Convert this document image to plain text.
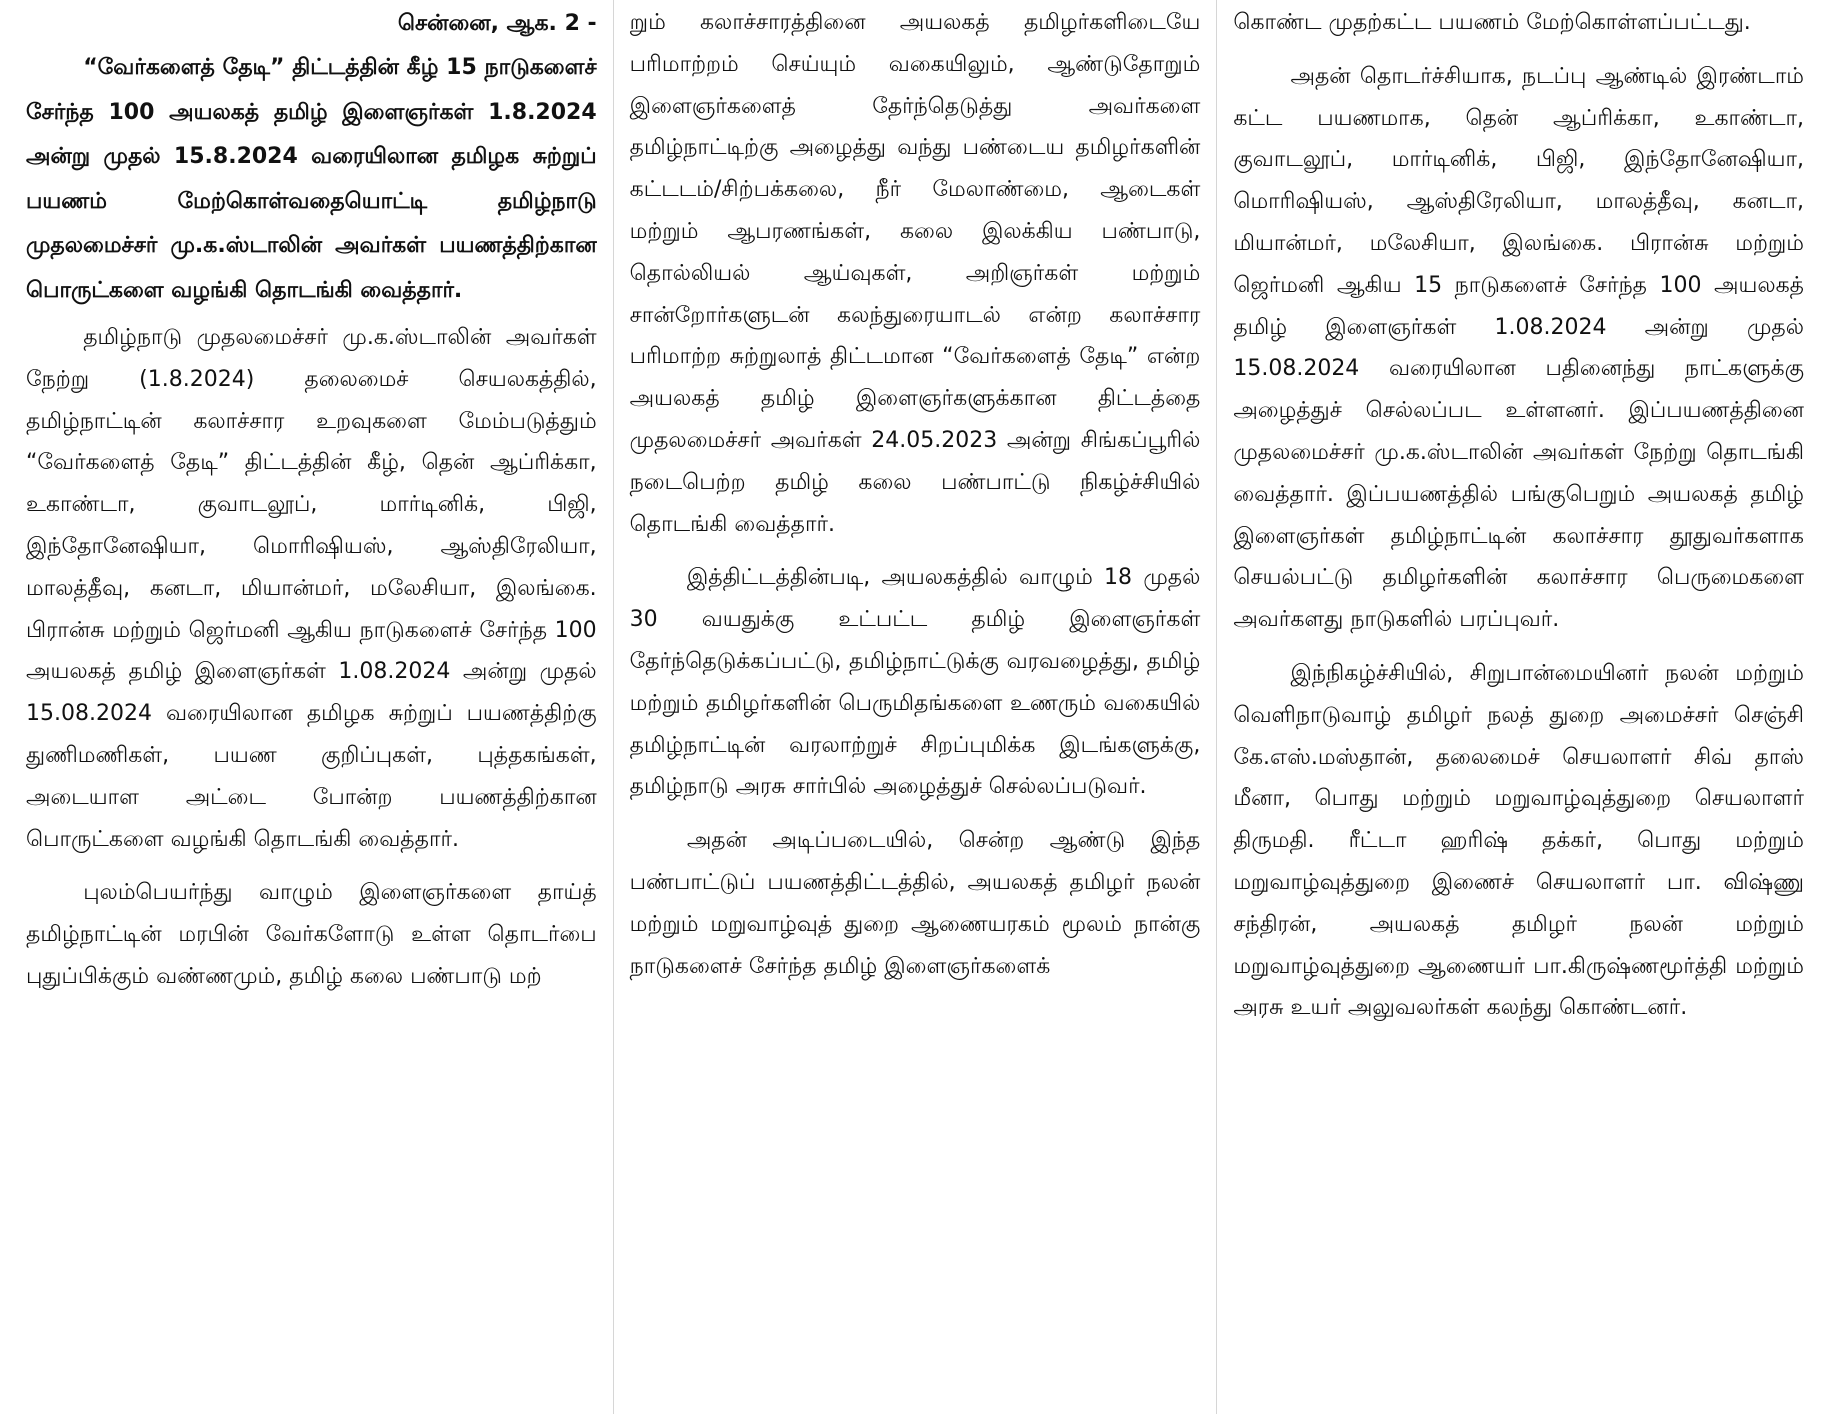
சென்னை, ஆக. 2 -

“வேர்களைத் தேடி” திட்டத்தின் கீழ் 15 நாடுகளைச் சேர்ந்த 100 அயலகத் தமிழ் இளைஞர்கள் 1.8.2024 அன்று முதல் 15.8.2024 வரையிலான தமிழக சுற்றுப் பயணம் மேற்கொள்வதையொட்டி தமிழ்நாடு முதலமைச்சர் மு.க.ஸ்டாலின் அவர்கள் பயணத்திற்கான பொருட்களை வழங்கி தொடங்கி வைத்தார்.

தமிழ்நாடு முதலமைச்சர் மு.க.ஸ்டாலின் அவர்கள் நேற்று (1.8.2024) தலைமைச் செயலகத்தில், தமிழ்நாட்டின் கலாச்சார உறவுகளை மேம்படுத்தும் “வேர்களைத் தேடி” திட்டத்தின் கீழ், தென் ஆப்ரிக்கா, உகாண்டா, குவாடலூப், மார்டினிக், பிஜி, இந்தோனேஷியா, மொரிஷியஸ், ஆஸ்திரேலியா, மாலத்தீவு, கனடா, மியான்மர், மலேசியா, இலங்கை. பிரான்சு மற்றும் ஜெர்மனி ஆகிய நாடுகளைச் சேர்ந்த 100 அயலகத் தமிழ் இளைஞர்கள் 1.08.2024 அன்று முதல் 15.08.2024 வரையிலான தமிழக சுற்றுப் பயணத்திற்கு துணிமணிகள், பயண குறிப்புகள், புத்தகங்கள், அடையாள அட்டை போன்ற பயணத்திற்கான பொருட்களை வழங்கி தொடங்கி வைத்தார்.

புலம்பெயர்ந்து வாழும் இளைஞர்களை தாய்த் தமிழ்நாட்டின் மரபின் வேர்களோடு உள்ள தொடர்பை புதுப்பிக்கும் வண்ணமும், தமிழ் கலை பண்பாடு மற்

றும் கலாச்சாரத்தினை அயலகத் தமிழர்களிடையே பரிமாற்றம் செய்யும் வகையிலும், ஆண்டுதோறும் இளைஞர்களைத் தேர்ந்தெடுத்து அவர்களை தமிழ்நாட்டிற்கு அழைத்து வந்து பண்டைய தமிழர்களின் கட்டடம்/சிற்பக்கலை, நீர் மேலாண்மை, ஆடைகள் மற்றும் ஆபரணங்கள், கலை இலக்கிய பண்பாடு, தொல்லியல் ஆய்வுகள், அறிஞர்கள் மற்றும் சான்றோர்களுடன் கலந்துரையாடல் என்ற கலாச்சார பரிமாற்ற சுற்றுலாத் திட்டமான “வேர்களைத் தேடி” என்ற அயலகத் தமிழ் இளைஞர்களுக்கான திட்டத்தை முதலமைச்சர் அவர்கள் 24.05.2023 அன்று சிங்கப்பூரில் நடைபெற்ற தமிழ் கலை பண்பாட்டு நிகழ்ச்சியில் தொடங்கி வைத்தார்.

இத்திட்டத்தின்படி, அயலகத்தில் வாழும் 18 முதல் 30 வயதுக்கு உட்பட்ட தமிழ் இளைஞர்கள் தேர்ந்தெடுக்கப்பட்டு, தமிழ்நாட்டுக்கு வரவழைத்து, தமிழ் மற்றும் தமிழர்களின் பெருமிதங்களை உணரும் வகையில் தமிழ்நாட்டின் வரலாற்றுச் சிறப்புமிக்க இடங்களுக்கு, தமிழ்நாடு அரசு சார்பில் அழைத்துச் செல்லப்படுவர்.

அதன் அடிப்படையில், சென்ற ஆண்டு இந்த பண்பாட்டுப் பயணத்திட்டத்தில், அயலகத் தமிழர் நலன் மற்றும் மறுவாழ்வுத் துறை ஆணையரகம் மூலம் நான்கு நாடுகளைச் சேர்ந்த தமிழ் இளைஞர்களைக்

கொண்ட முதற்கட்ட பயணம் மேற்கொள்ளப்பட்டது.

அதன் தொடர்ச்சியாக, நடப்பு ஆண்டில் இரண்டாம் கட்ட பயணமாக, தென் ஆப்ரிக்கா, உகாண்டா, குவாடலூப், மார்டினிக், பிஜி, இந்தோனேஷியா, மொரிஷியஸ், ஆஸ்திரேலியா, மாலத்தீவு, கனடா, மியான்மர், மலேசியா, இலங்கை. பிரான்சு மற்றும் ஜெர்மனி ஆகிய 15 நாடுகளைச் சேர்ந்த 100 அயலகத் தமிழ் இளைஞர்கள் 1.08.2024 அன்று முதல் 15.08.2024 வரையிலான பதினைந்து நாட்களுக்கு அழைத்துச் செல்லப்பட உள்ளனர். இப்பயணத்தினை முதலமைச்சர் மு.க.ஸ்டாலின் அவர்கள் நேற்று தொடங்கி வைத்தார். இப்பயணத்தில் பங்குபெறும் அயலகத் தமிழ் இளைஞர்கள் தமிழ்நாட்டின் கலாச்சார தூதுவர்களாக செயல்பட்டு தமிழர்களின் கலாச்சார பெருமைகளை அவர்களது நாடுகளில் பரப்புவர்.

இந்நிகழ்ச்சியில், சிறுபான்மையினர் நலன் மற்றும் வெளிநாடுவாழ் தமிழர் நலத் துறை அமைச்சர் செஞ்சி கே.எஸ்.மஸ்தான், தலைமைச் செயலாளர் சிவ் தாஸ் மீனா, பொது மற்றும் மறுவாழ்வுத்துறை செயலாளர் திருமதி. ரீட்டா ஹரிஷ் தக்கர், பொது மற்றும் மறுவாழ்வுத்துறை இணைச் செயலாளர் பா. விஷ்ணு சந்திரன், அயலகத் தமிழர் நலன் மற்றும் மறுவாழ்வுத்துறை ஆணையர் பா.கிருஷ்ணமூர்த்தி மற்றும் அரசு உயர் அலுவலர்கள் கலந்து கொண்டனர்.
